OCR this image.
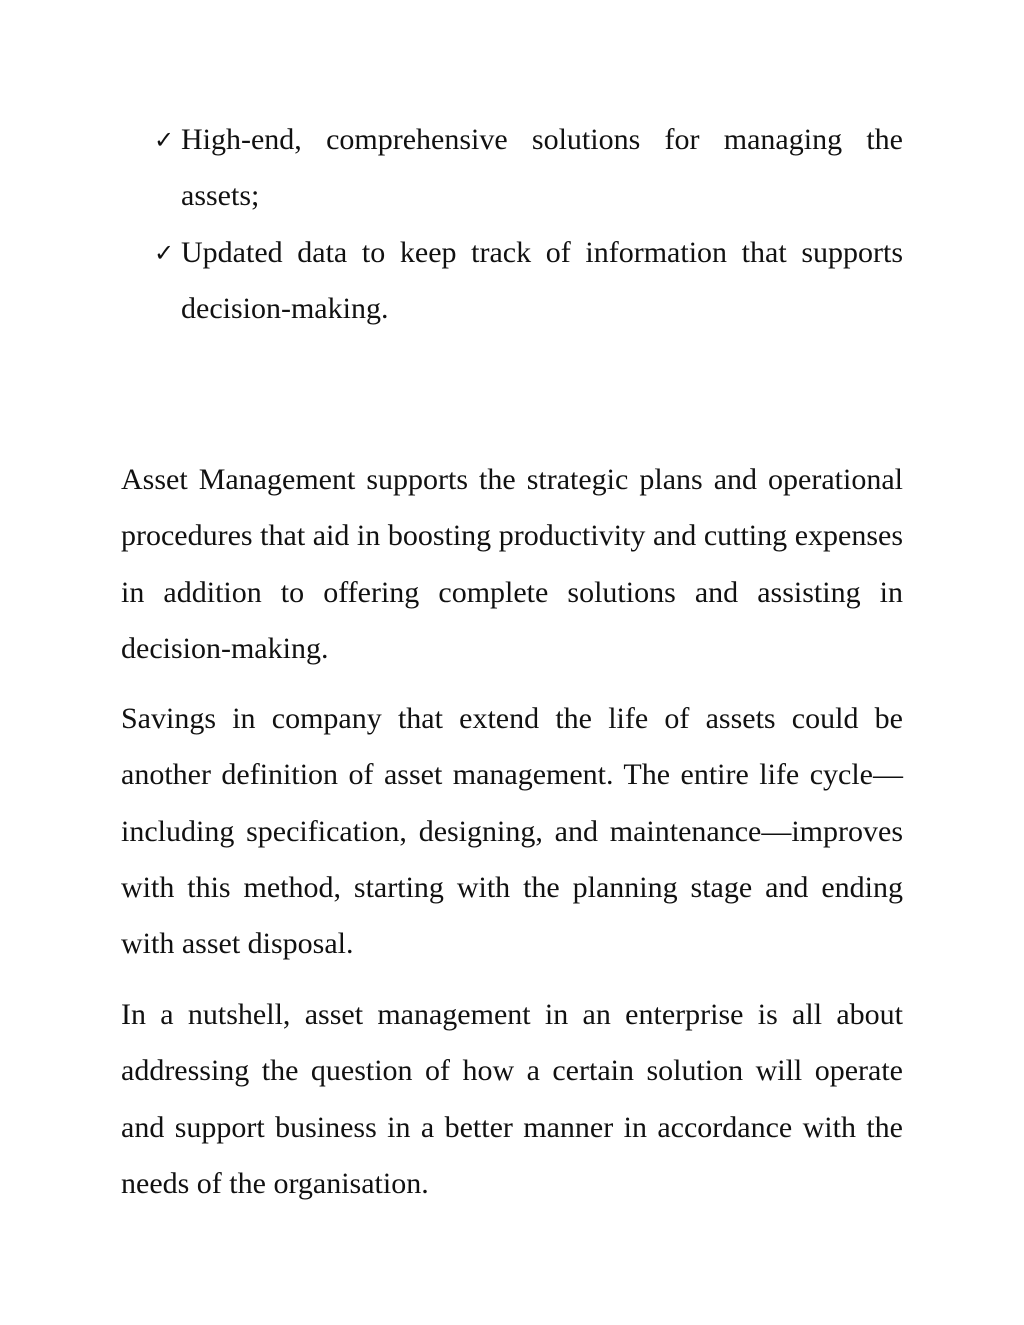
✓ High-end, comprehensive solutions for managing the assets;
✓ Updated data to keep track of information that supports decision-making.

Asset Management supports the strategic plans and operational procedures that aid in boosting productivity and cutting expenses in addition to offering complete solutions and assisting in decision-making.

Savings in company that extend the life of assets could be another definition of asset management. The entire life cycle—including specification, designing, and maintenance—improves with this method, starting with the planning stage and ending with asset disposal.

In a nutshell, asset management in an enterprise is all about addressing the question of how a certain solution will operate and support business in a better manner in accordance with the needs of the organisation.
